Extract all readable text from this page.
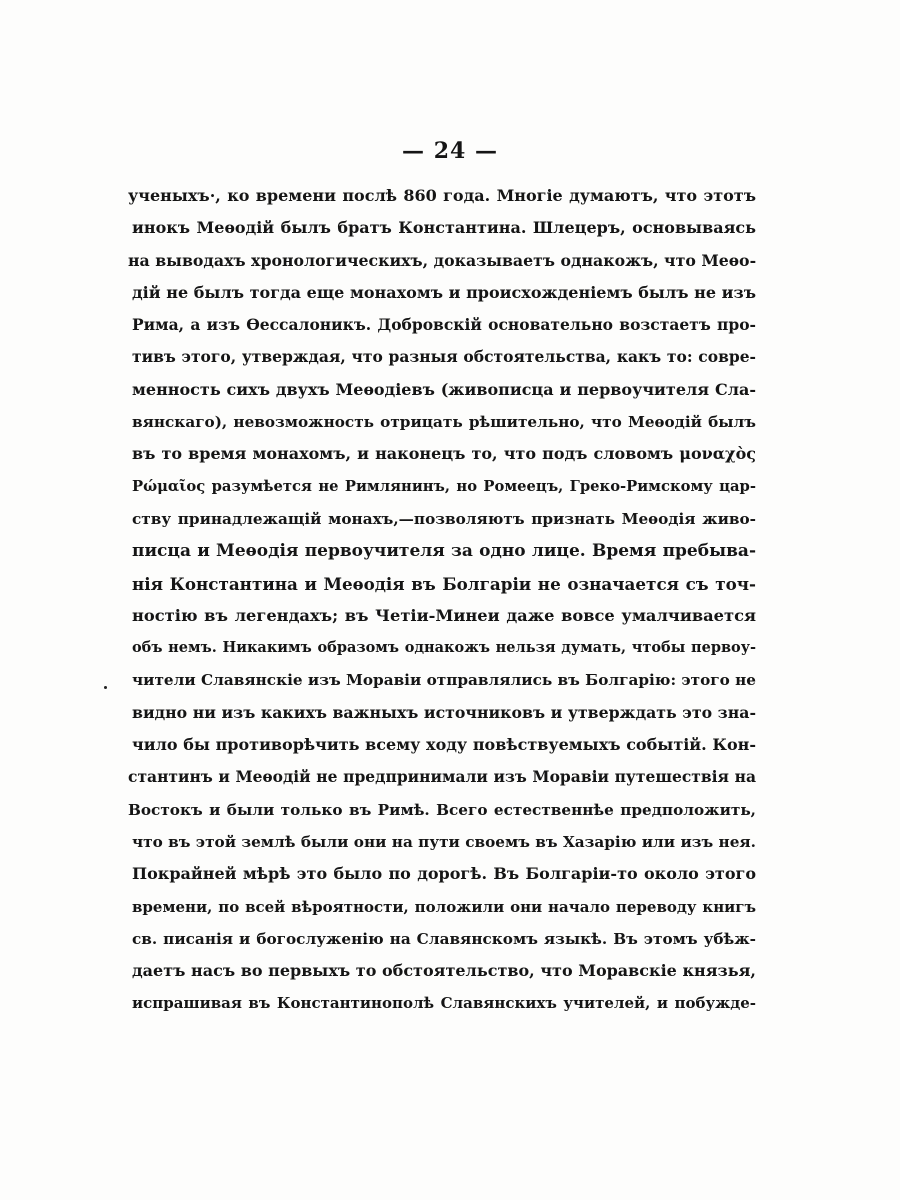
— 24 —
ученыхъ·, ко времени послѣ 860 года. Многіе думаютъ, что этотъ
инокъ Меѳодій былъ братъ Константина. Шлецеръ, основываясь
на выводахъ хронологическихъ, доказываетъ однакожъ, что Меѳо-
дій не былъ тогда еще монахомъ и происхожденіемъ былъ не изъ
Рима, а изъ Ѳессалоникъ. Добровскій основательно возстаетъ про-
тивъ этого, утверждая, что разныя обстоятельства, какъ то: совре-
менность сихъ двухъ Меѳодіевъ (живописца и первоучителя Сла-
вянскаго), невозможность отрицать рѣшительно, что Меѳодій былъ
въ то время монахомъ, и наконецъ то, что подъ словомъ μοναχὸς
Ρώμαῖος разумѣется не Римлянинъ, но Ромеецъ, Греко-Римскому цар-
ству принадлежащій монахъ,—позволяютъ признать Меѳодія живо-
писца и Меѳодія первоучителя за одно лице. Время пребыва-
нія Константина и Меѳодія въ Болгаріи не означается съ точ-
ностію въ легендахъ; въ Четіи-Минеи даже вовсе умалчивается
объ немъ. Никакимъ образомъ однакожъ нельзя думать, чтобы первоу-
чители Славянскіе изъ Моравіи отправлялись въ Болгарію: этого не
видно ни изъ какихъ важныхъ источниковъ и утверждать это зна-
чило бы противорѣчить всему ходу повѣствуемыхъ событій. Кон-
стантинъ и Меѳодій не предпринимали изъ Моравіи путешествія на
Востокъ и были только въ Римѣ. Всего естественнѣе предположить,
что въ этой землѣ были они на пути своемъ въ Хазарію или изъ нея.
Покрайней мѣрѣ это было по дорогѣ. Въ Болгаріи-то около этого
времени, по всей вѣроятности, положили они начало переводу книгъ
св. писанія и богослуженію на Славянскомъ языкѣ. Въ этомъ убѣж-
даетъ насъ во первыхъ то обстоятельство, что Моравскіе князья,
испрашивая въ Константинополѣ Славянскихъ учителей, и побужде-
